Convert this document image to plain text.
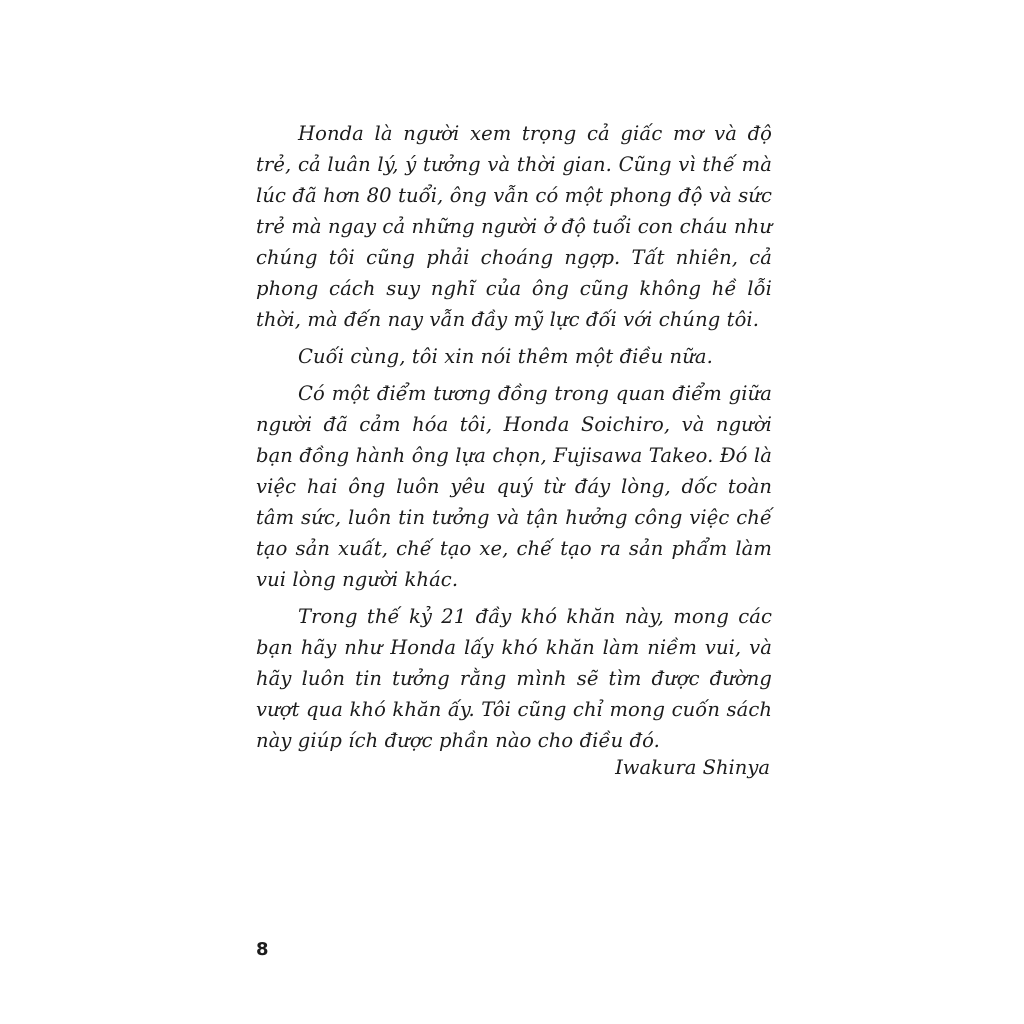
Honda là người xem trọng cả giấc mơ và độ trẻ, cả luân lý, ý tưởng và thời gian. Cũng vì thế mà lúc đã hơn 80 tuổi, ông vẫn có một phong độ và sức trẻ mà ngay cả những người ở độ tuổi con cháu như chúng tôi cũng phải choáng ngợp. Tất nhiên, cả phong cách suy nghĩ của ông cũng không hề lỗi thời, mà đến nay vẫn đầy mỹ lực đối với chúng tôi.

Cuối cùng, tôi xin nói thêm một điều nữa.

Có một điểm tương đồng trong quan điểm giữa người đã cảm hóa tôi, Honda Soichiro, và người bạn đồng hành ông lựa chọn, Fujisawa Takeo. Đó là việc hai ông luôn yêu quý từ đáy lòng, dốc toàn tâm sức, luôn tin tưởng và tận hưởng công việc chế tạo sản xuất, chế tạo xe, chế tạo ra sản phẩm làm vui lòng người khác.

Trong thế kỷ 21 đầy khó khăn này, mong các bạn hãy như Honda lấy khó khăn làm niềm vui, và hãy luôn tin tưởng rằng mình sẽ tìm được đường vượt qua khó khăn ấy. Tôi cũng chỉ mong cuốn sách này giúp ích được phần nào cho điều đó.

Iwakura Shinya
8
